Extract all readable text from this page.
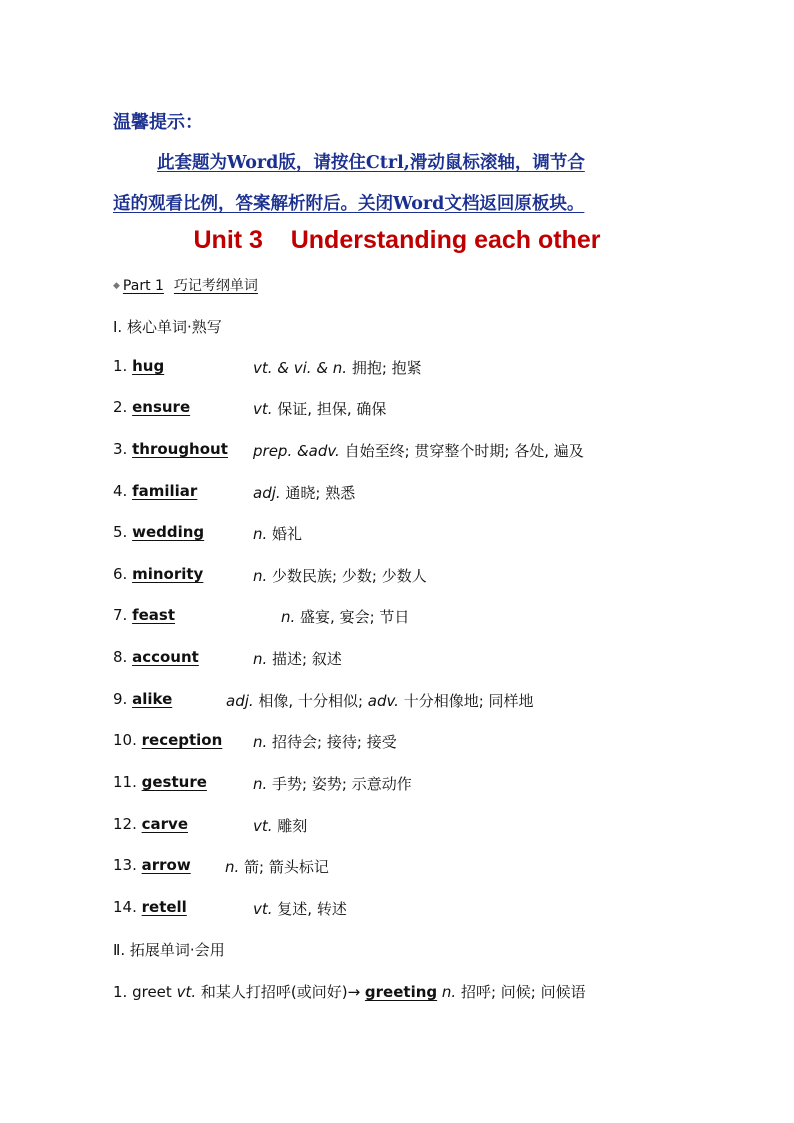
温馨提示：
此套题为Word版，请按住Ctrl,滑动鼠标滚轴，调节合
适的观看比例，答案解析附后。关闭Word文档返回原板块。
Unit 3    Understanding each other
◆ Part 1 巧记考纲单词
Ⅰ. 核心单词·熟写
1. hug	vt. & vi. & n. 拥抱; 抱紧
2. ensure	vt. 保证, 担保, 确保
3. throughout prep. &adv. 自始至终; 贯穿整个时期; 各处, 遍及
4. familiar	adj. 通晓; 熟悉
5. wedding	n. 婚礼
6. minority	n. 少数民族; 少数; 少数人
7. feast	n. 盛宴, 宴会; 节日
8. account	n. 描述; 叙述
9. alike	adj. 相像, 十分相似; adv. 十分相像地; 同样地
10. reception n. 招待会; 接待; 接受
11. gesture	n. 手势; 姿势; 示意动作
12. carve	vt. 雕刻
13. arrow n. 箭; 箭头标记
14. retell	vt. 复述, 转述
Ⅱ. 拓展单词·会用
1. greet vt. 和某人打招呼(或问好)→ greeting n. 招呼; 问候; 问候语
